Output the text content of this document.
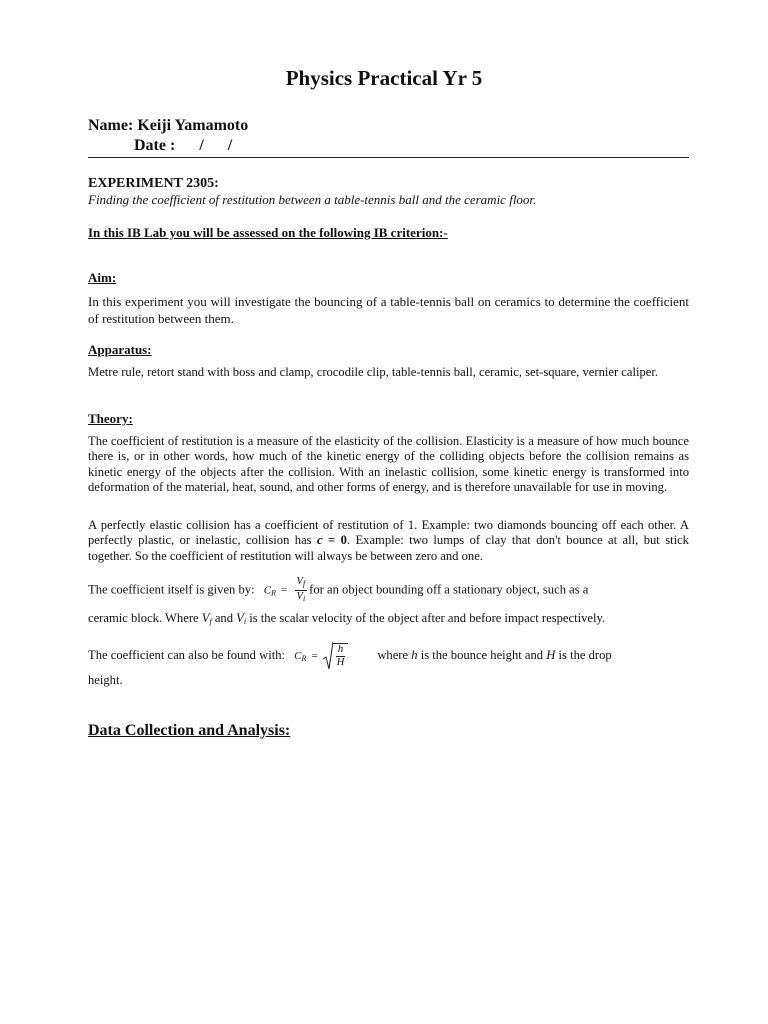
Physics Practical Yr 5
Name: Keiji Yamamoto
Date :      /      /
EXPERIMENT 2305:
Finding the coefficient of restitution between a table-tennis ball and the ceramic floor.
In this IB Lab you will be assessed on the following IB criterion:-
Aim:
In this experiment you will investigate the bouncing of a table-tennis ball on ceramics to determine the coefficient of restitution between them.
Apparatus:
Metre rule, retort stand with boss and clamp, crocodile clip, table-tennis ball, ceramic, set-square, vernier caliper.
Theory:
The coefficient of restitution is a measure of the elasticity of the collision. Elasticity is a measure of how much bounce there is, or in other words, how much of the kinetic energy of the colliding objects before the collision remains as kinetic energy of the objects after the collision. With an inelastic collision, some kinetic energy is transformed into deformation of the material, heat, sound, and other forms of energy, and is therefore unavailable for use in moving.
A perfectly elastic collision has a coefficient of restitution of 1. Example: two diamonds bouncing off each other. A perfectly plastic, or inelastic, collision has c = 0. Example: two lumps of clay that don't bounce at all, but stick together. So the coefficient of restitution will always be between zero and one.
The coefficient itself is given by: $C_R = \frac{V_f}{V_i}$ for an object bounding off a stationary object, such as a
ceramic block. Where $V_f$ and $V_i$ is the scalar velocity of the object after and before impact respectively.
The coefficient can also be found with: $C_R = \frac{h}{H}$ where h is the bounce height and H is the drop
height.
Data Collection and Analysis:
